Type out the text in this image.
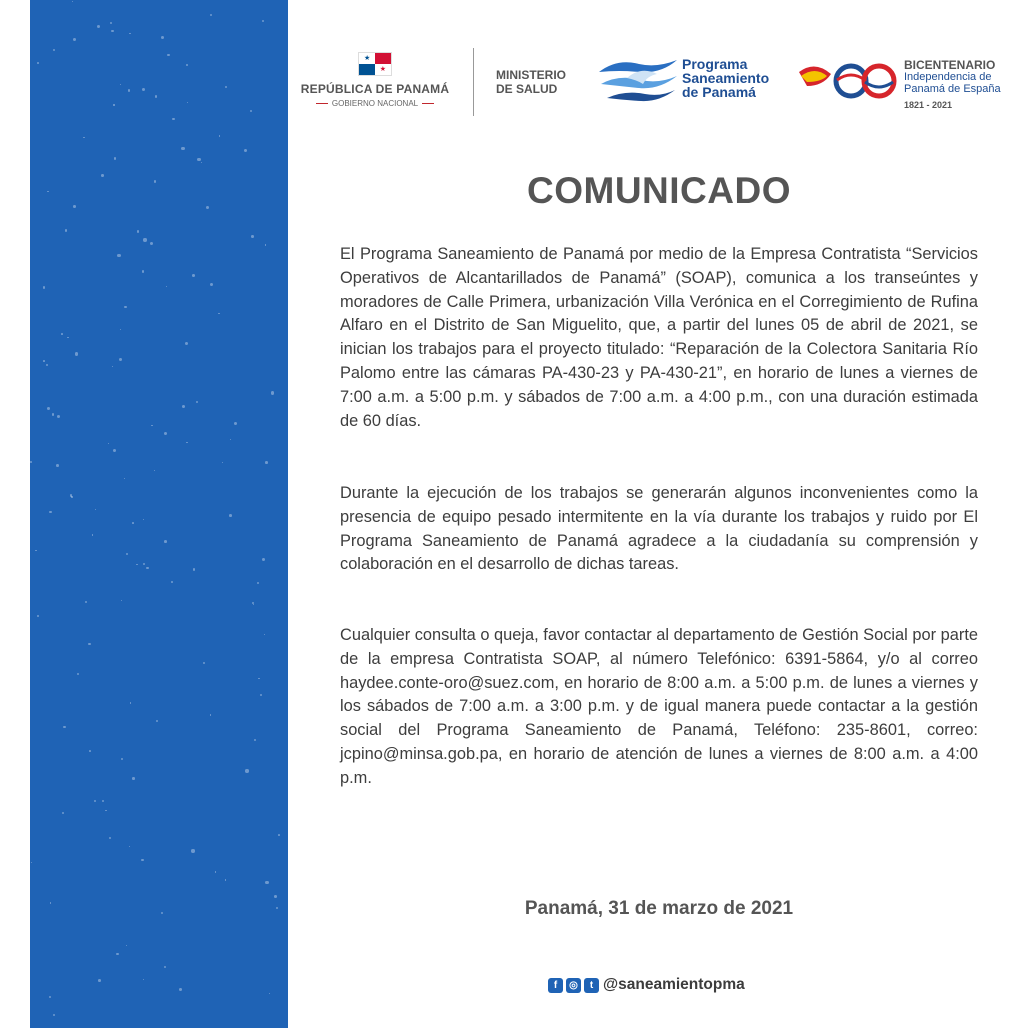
★
★
REPÚBLICA DE PANAMÁ
GOBIERNO NACIONAL
MINISTERIO
DE SALUD
Programa
Saneamiento
de Panamá
BICENTENARIO
Independencia de
Panamá de España
1821 - 2021
COMUNICADO
El Programa Saneamiento de Panamá por medio de la Empresa Contratista “Servicios Operativos de Alcantarillados de Panamá” (SOAP), comunica a los transeúntes y moradores de Calle Primera, urbanización Villa Verónica en el Corregimiento de Rufina Alfaro en el Distrito de San Miguelito, que, a partir del lunes 05 de abril de 2021, se inician los trabajos para el proyecto titulado: “Reparación de la Colectora Sanitaria Río Palomo entre las cámaras PA-430-23 y PA-430-21”, en horario de lunes a viernes de 7:00 a.m. a 5:00 p.m. y sábados de 7:00 a.m. a 4:00 p.m., con una duración estimada de 60 días.
Durante la ejecución de los trabajos se generarán algunos inconvenientes como la presencia de equipo pesado intermitente en la vía durante los trabajos y ruido por El Programa Saneamiento de Panamá agradece a la ciudadanía su comprensión y colaboración en el desarrollo de dichas tareas.
Cualquier consulta o queja, favor contactar al departamento de Gestión Social por parte de la empresa Contratista SOAP, al número Telefónico: 6391-5864, y/o al correo haydee.conte-oro@suez.com, en horario de 8:00 a.m. a 5:00 p.m. de lunes a viernes y los sábados de 7:00 a.m. a 3:00 p.m. y de igual manera puede contactar a la gestión social del Programa Saneamiento de Panamá, Teléfono: 235-8601, correo: jcpino@minsa.gob.pa, en horario de atención de lunes a viernes de 8:00 a.m. a 4:00 p.m.
Panamá, 31 de marzo de 2021
f	◎	t @saneamientopma
